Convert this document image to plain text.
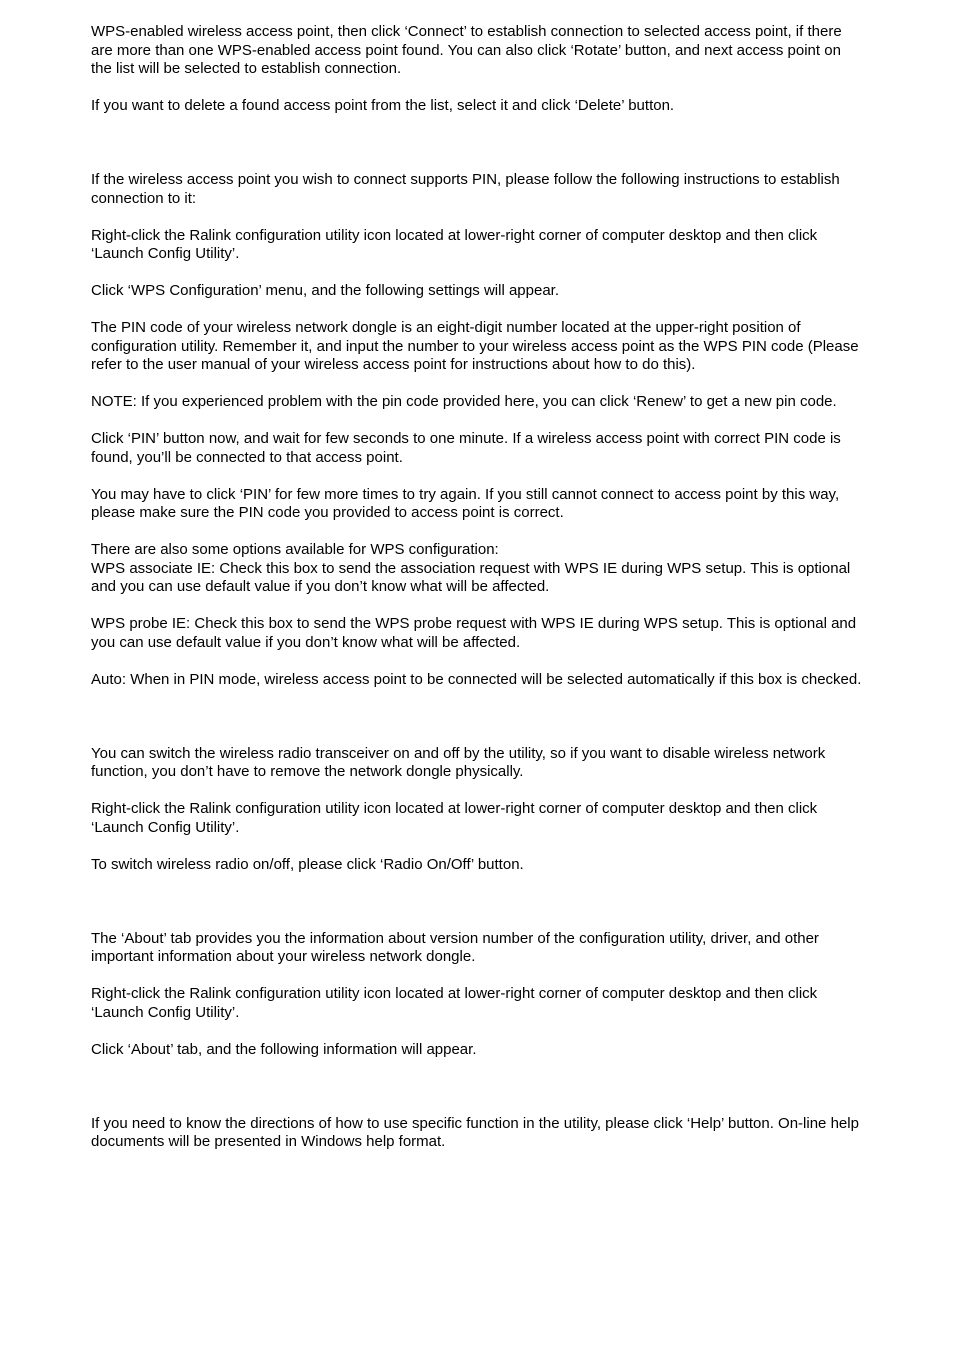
WPS-enabled wireless access point, then click ‘Connect’ to establish connection to selected access point, if there are more than one WPS-enabled access point found. You can also click ‘Rotate’ button, and next access point on the list will be selected to establish connection.

If you want to delete a found access point from the list, select it and click ‘Delete’ button.

If the wireless access point you wish to connect supports PIN, please follow the following instructions to establish connection to it:

Right-click the Ralink configuration utility icon located at lower-right corner of computer desktop and then click ‘Launch Config Utility’.

Click ‘WPS Configuration’ menu, and the following settings will appear.

The PIN code of your wireless network dongle is an eight-digit number located at the upper-right position of configuration utility. Remember it, and input the number to your wireless access point as the WPS PIN code (Please refer to the user manual of your wireless access point for instructions about how to do this).

NOTE: If you experienced problem with the pin code provided here, you can click ‘Renew’ to get a new pin code.

Click ‘PIN’ button now, and wait for few seconds to one minute. If a wireless access point with correct PIN code is found, you’ll be connected to that access point.

You may have to click ‘PIN’ for few more times to try again. If you still cannot connect to access point by this way, please make sure the PIN code you provided to access point is correct.

There are also some options available for WPS configuration:

WPS associate IE: Check this box to send the association request with WPS IE during WPS setup. This is optional and you can use default value if you don’t know what will be affected.

WPS probe IE: Check this box to send the WPS probe request with WPS IE during WPS setup. This is optional and you can use default value if you don’t know what will be affected.

Auto: When in PIN mode, wireless access point to be connected will be selected automatically if this box is checked.

You can switch the wireless radio transceiver on and off by the utility, so if you want to disable wireless network function, you don’t have to remove the network dongle physically.

Right-click the Ralink configuration utility icon located at lower-right corner of computer desktop and then click ‘Launch Config Utility’.

To switch wireless radio on/off, please click ‘Radio On/Off’ button.

The ‘About’ tab provides you the information about version number of the configuration utility, driver, and other important information about your wireless network dongle.

Right-click the Ralink configuration utility icon located at lower-right corner of computer desktop and then click ‘Launch Config Utility’.

Click ‘About’ tab, and the following information will appear.

If you need to know the directions of how to use specific function in the utility, please click ‘Help’ button. On-line help documents will be presented in Windows help format.
